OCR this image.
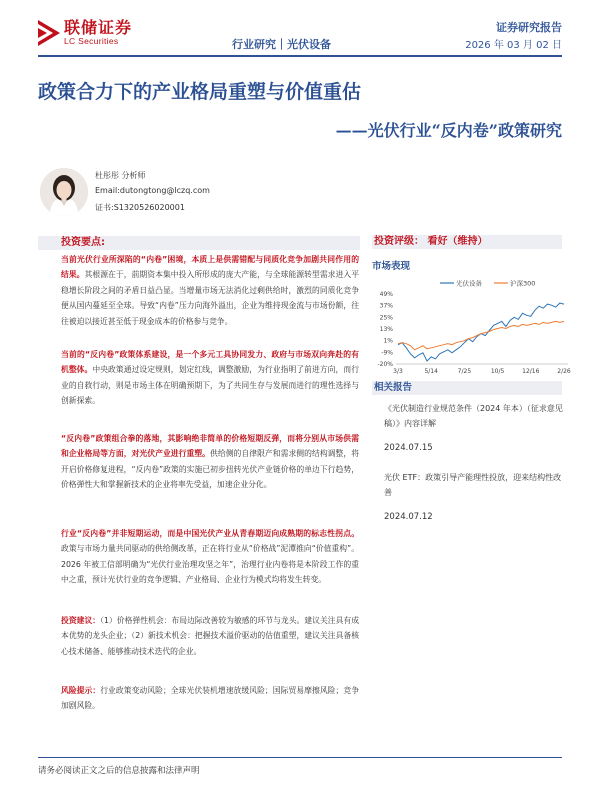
联储证券
LC Securities	行业研究｜光伏设备
证券研究报告
2026 年 03 月 02 日
政策合力下的产业格局重塑与价值重估
——光伏行业“反内卷”政策研究
杜彤彤 分析师
Email:dutongtong@lczq.com
证书:S1320526020001
投资要点:
当前光伏行业所深陷的“内卷”困境，本质上是供需错配与同质化竞争加剧共同作用的结果。其根源在于，前期资本集中投入所形成的庞大产能，与全球能源转型需求进入平稳增长阶段之间的矛盾日益凸显。当增量市场无法消化过剩供给时，激烈的同质化竞争便从国内蔓延至全球。导致“内卷”压力向海外溢出，企业为维持现金流与市场份额，往往被迫以接近甚至低于现金成本的价格参与竞争。
当前的“反内卷”政策体系建设，是一个多元工具协同发力、政府与市场双向奔赴的有机整体。中央政策通过设定规则，划定红线，调整激励，为行业指明了前进方向，而行业的自救行动，则是市场主体在明确预期下，为了共同生存与发展而进行的理性选择与创新探索。
“反内卷”政策组合拳的落地，其影响绝非简单的价格短期反弹，而将分别从市场供需和企业格局等方面，对光伏产业进行重塑。供给侧的自律限产和需求侧的结构调整，将开启价格修复进程，“反内卷”政策的实施已初步扭转光伏产业链价格的单边下行趋势，价格弹性大和掌握新技术的企业将率先受益，加速企业分化。
行业“反内卷”并非短期运动，而是中国光伏产业从青春期迈向成熟期的标志性拐点。政策与市场力量共同驱动的供给侧改革，正在将行业从“价格战”泥潭推向“价值重构”。2026 年被工信部明确为“光伏行业治理攻坚之年”，治理行业内卷将是本阶段工作的重中之重，预计光伏行业的竞争逻辑、产业格局、企业行为模式均将发生转变。
投资建议：（1）价格弹性机会：布局边际改善较为敏感的环节与龙头。建议关注具有成本优势的龙头企业；（2）新技术机会：把握技术溢价驱动的估值重塑，建议关注具备核心技术储备、能够推动技术迭代的企业。
风险提示：行业政策变动风险；全球光伏装机增速放缓风险；国际贸易摩擦风险；竞争加剧风险。
投资评级： 看好（维持）
市场表现
49%
37%
25%
13%
1%
-9%
-20%
3/3	5/14	7/25	10/5	12/16	2/26
光伏设备	沪深300
相关报告
《光伏制造行业规范条件（2024 年本）（征求意见稿）》内容详解
2024.07.15
光伏 ETF：政策引导产能理性投放，迎来结构性改善
2024.07.12
请务必阅读正文之后的信息披露和法律声明
